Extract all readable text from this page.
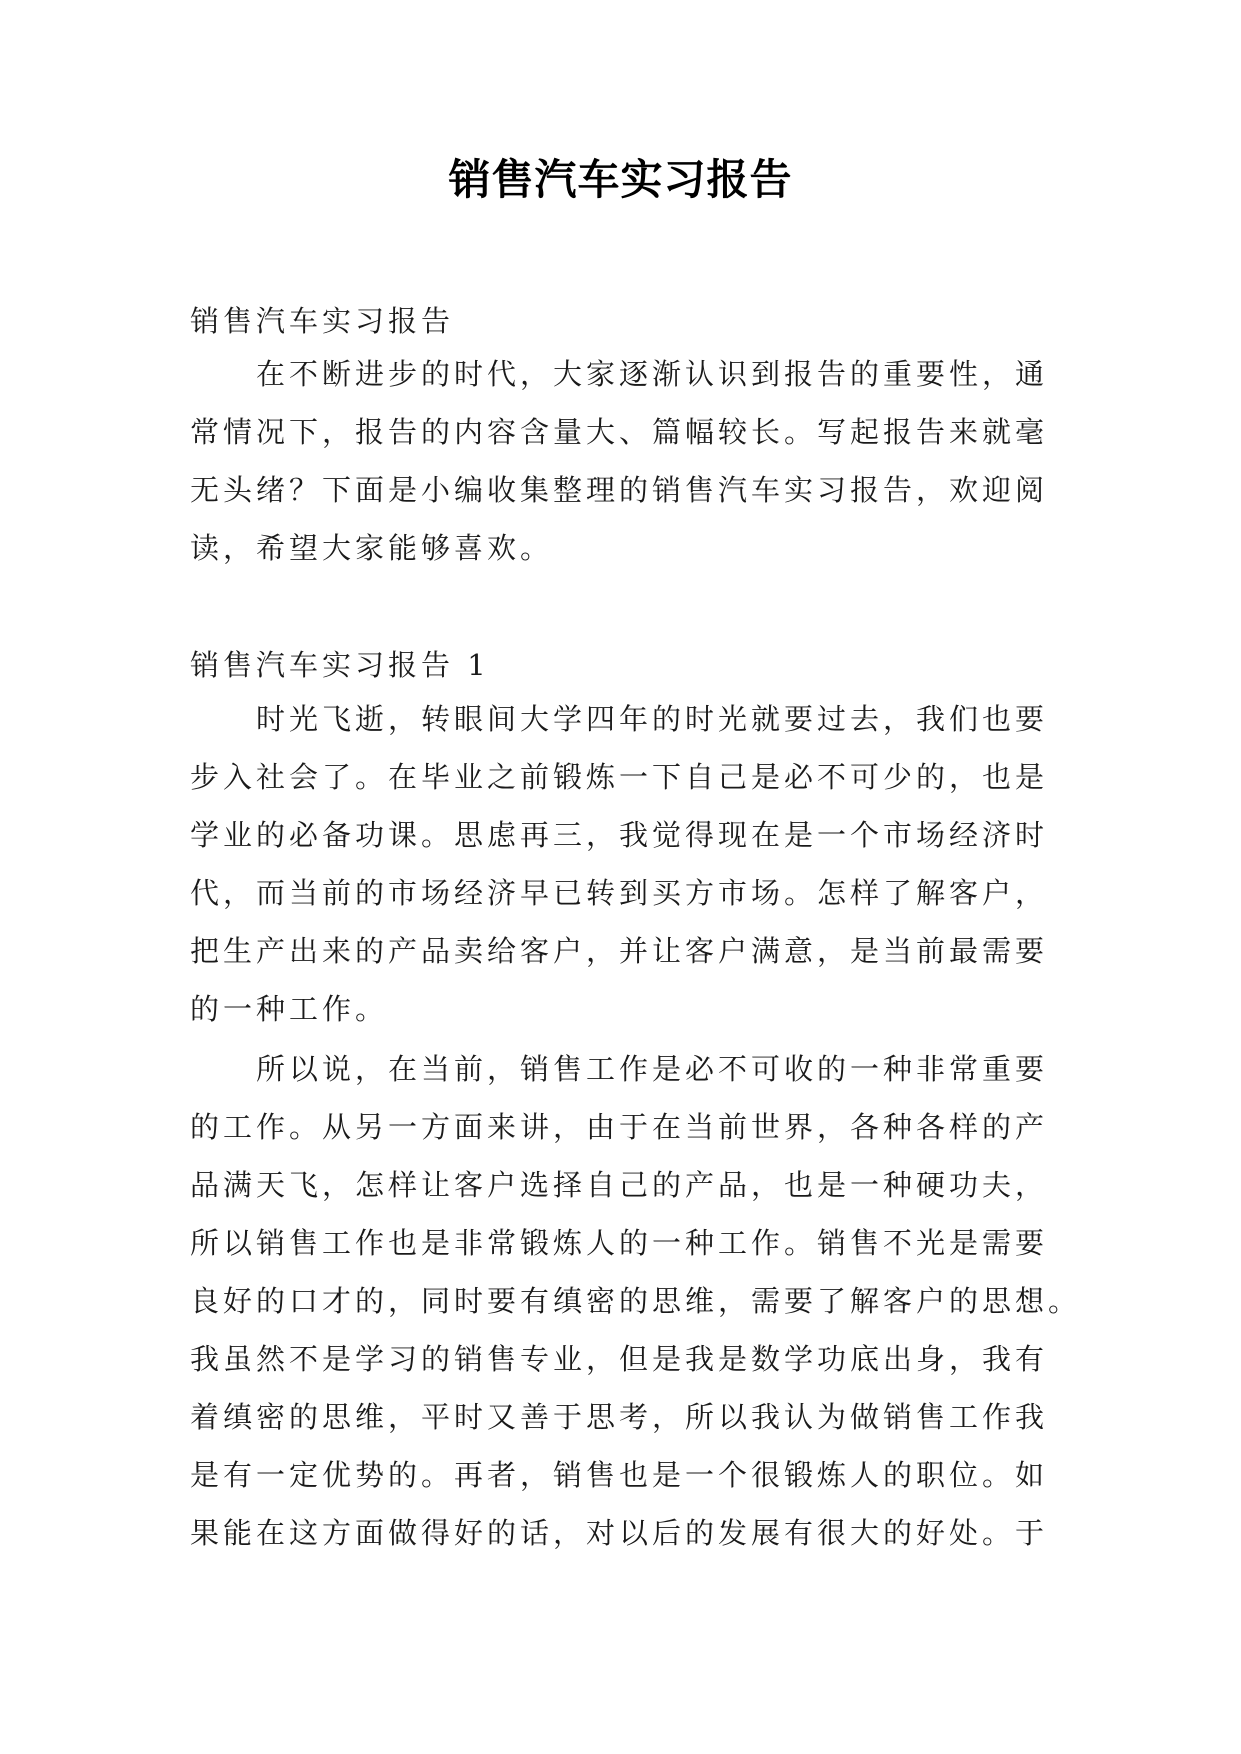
销售汽车实习报告
销售汽车实习报告
在不断进步的时代，大家逐渐认识到报告的重要性，通
常情况下，报告的内容含量大、篇幅较长。写起报告来就毫
无头绪？下面是小编收集整理的销售汽车实习报告，欢迎阅
读，希望大家能够喜欢。
销售汽车实习报告 1
时光飞逝，转眼间大学四年的时光就要过去，我们也要
步入社会了。在毕业之前锻炼一下自己是必不可少的，也是
学业的必备功课。思虑再三，我觉得现在是一个市场经济时
代，而当前的市场经济早已转到买方市场。怎样了解客户，
把生产出来的产品卖给客户，并让客户满意，是当前最需要
的一种工作。
所以说，在当前，销售工作是必不可收的一种非常重要
的工作。从另一方面来讲，由于在当前世界，各种各样的产
品满天飞，怎样让客户选择自己的产品，也是一种硬功夫，
所以销售工作也是非常锻炼人的一种工作。销售不光是需要
良好的口才的，同时要有缜密的思维，需要了解客户的思想。
我虽然不是学习的销售专业，但是我是数学功底出身，我有
着缜密的思维，平时又善于思考，所以我认为做销售工作我
是有一定优势的。再者，销售也是一个很锻炼人的职位。如
果能在这方面做得好的话，对以后的发展有很大的好处。于
